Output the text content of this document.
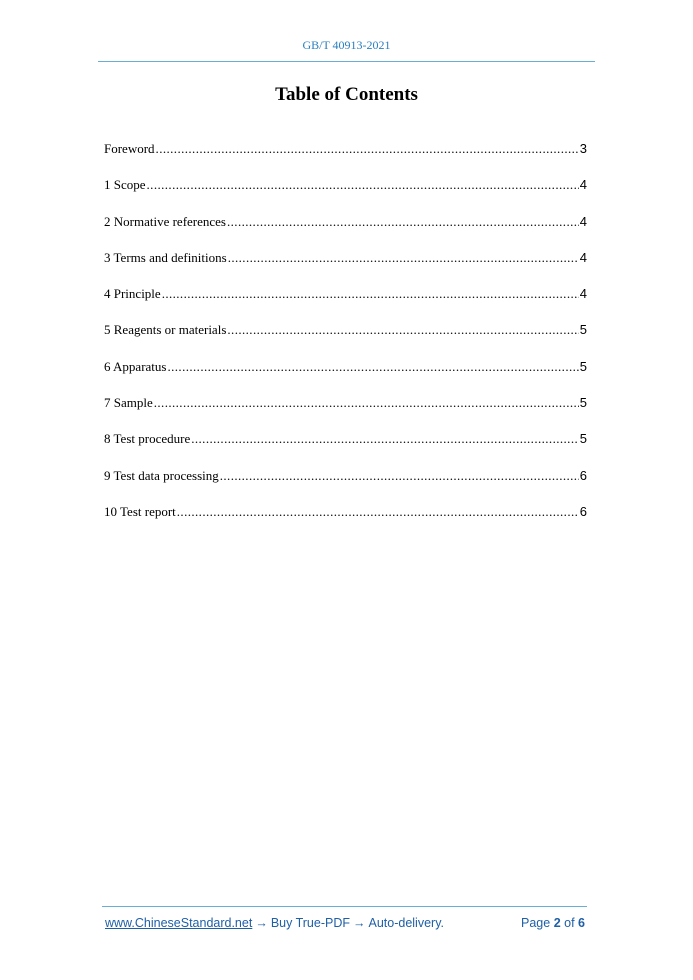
GB/T 40913-2021
Table of Contents
Foreword .....	3
1 Scope .....	4
2 Normative references .....	4
3 Terms and definitions .....	4
4 Principle .....	4
5 Reagents or materials .....	5
6 Apparatus .....	5
7 Sample .....	5
8 Test procedure .....	5
9 Test data processing .....	6
10 Test report .....	6
www.ChineseStandard.net → Buy True-PDF → Auto-delivery.	Page 2 of 6
